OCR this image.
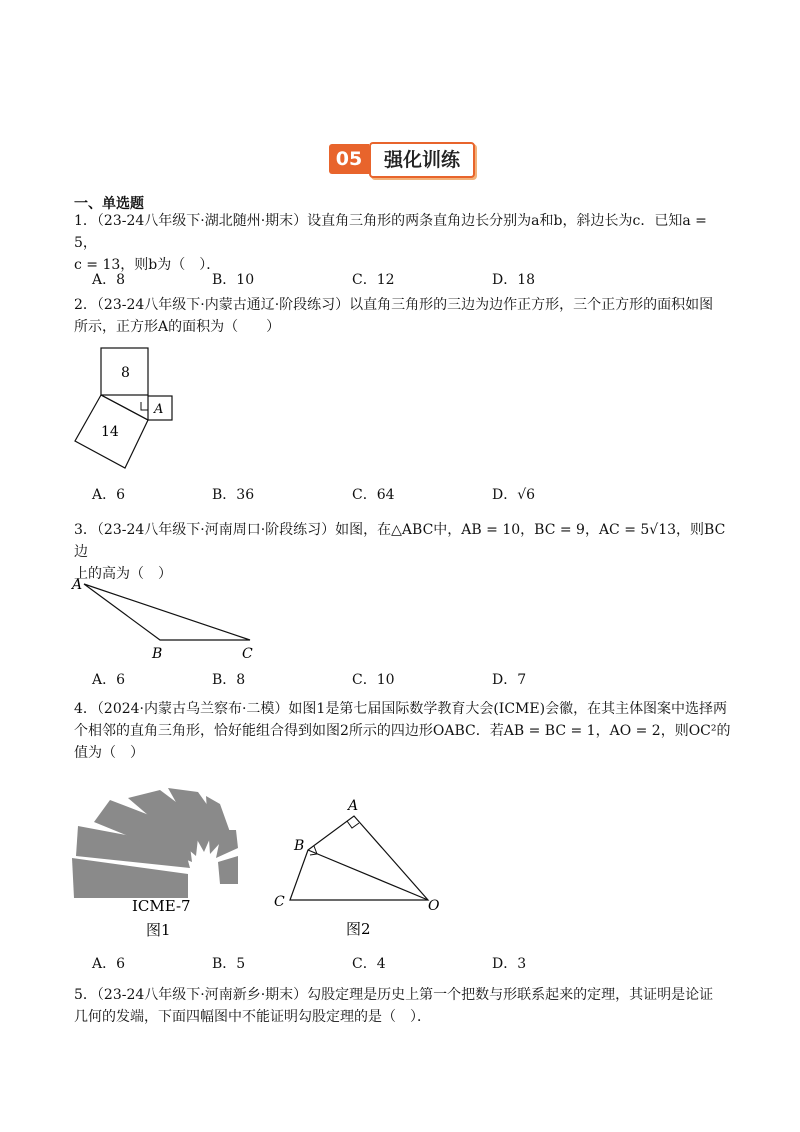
05	强化训练
一、单选题
1．（23-24八年级下·湖北随州·期末）设直角三角形的两条直角边长分别为a和b，斜边长为c．已知a = 5，
c = 13，则b为（　）．
A．8	B．10	C．12	D．18
2．（23-24八年级下·内蒙古通辽·阶段练习）以直角三角形的三边为边作正方形，三个正方形的面积如图
所示，正方形A的面积为（　　）
8
14
A
A．6	B．36	C．64	D．√6
3．（23-24八年级下·河南周口·阶段练习）如图，在△ABC中，AB = 10，BC = 9，AC = 5√13，则BC边
上的高为（　）
A
B	C
A．6	B．8	C．10	D．7
4．（2024·内蒙古乌兰察布·二模）如图1是第七届国际数学教育大会(ICME)会徽，在其主体图案中选择两
个相邻的直角三角形，恰好能组合得到如图2所示的四边形OABC．若AB = BC = 1，AO = 2，则OC²的
值为（　）
ICME-7
图1
A
B
C	O
图2
A．6	B．5	C．4	D．3
5．（23-24八年级下·河南新乡·期末）勾股定理是历史上第一个把数与形联系起来的定理，其证明是论证
几何的发端，下面四幅图中不能证明勾股定理的是（　）．
